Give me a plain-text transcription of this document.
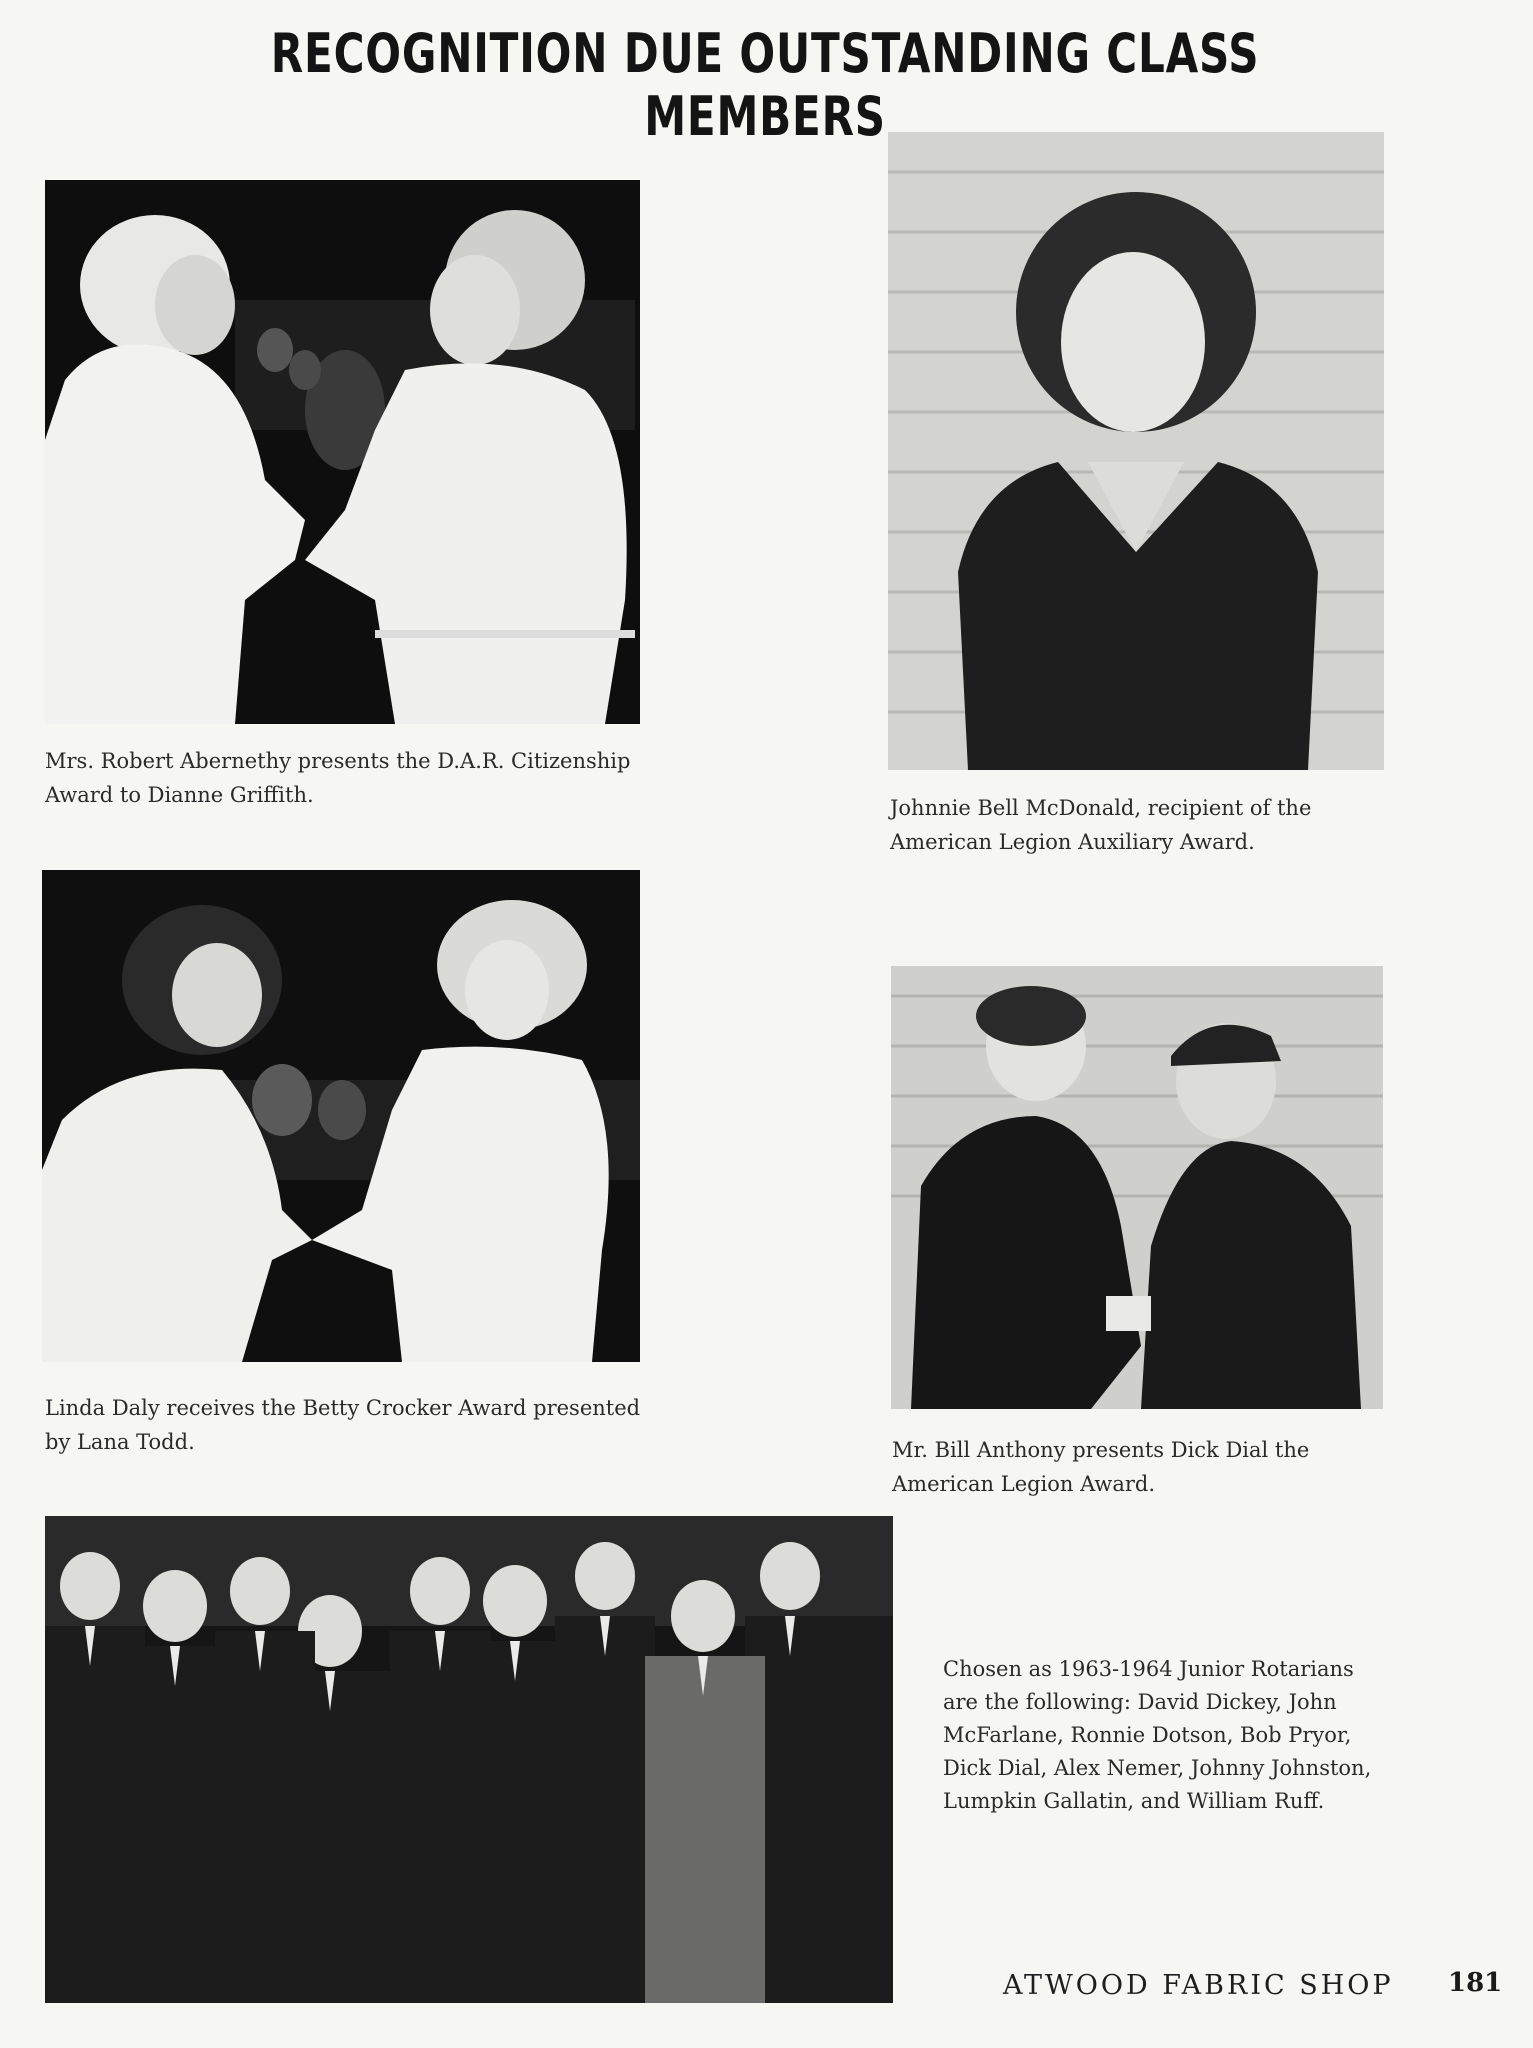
RECOGNITION DUE OUTSTANDING CLASS MEMBERS
Mrs. Robert Abernethy presents the D.A.R. Citizenship Award to Dianne Griffith.
Johnnie Bell McDonald, recipient of the American Legion Auxiliary Award.
Linda Daly receives the Betty Crocker Award presented by Lana Todd.	Mr. Bill Anthony presents Dick Dial the American Legion Award.
Chosen as 1963-1964 Junior Rotarians are the following: David Dickey, John McFarlane, Ronnie Dotson, Bob Pryor, Dick Dial, Alex Nemer, Johnny Johnston, Lumpkin Gallatin, and William Ruff.
ATWOOD FABRIC SHOP 181
